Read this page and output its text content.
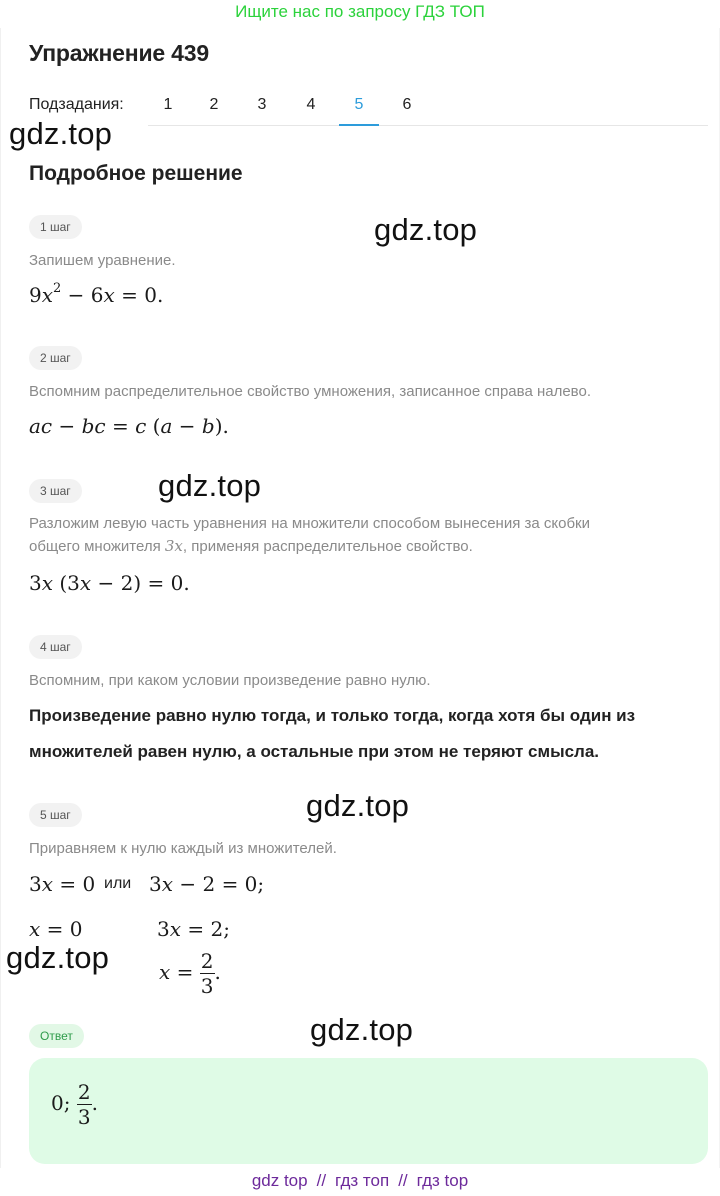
Ищите нас по запросу ГДЗ ТОП
Упражнение 439
Подзадания:	1	2	3	4	5	6
gdz.top
Подробное решение
1 шаг	gdz.top
Запишем уравнение.
$9x^2 - 6x = 0$.
2 шаг
Вспомним распределительное свойство умножения, записанное справа налево.
ac − bc = c (a − b).
3 шаг	gdz.top
Разложим левую часть уравнения на множители способом вынесения за скобки
общего множителя 3x, применяя распределительное свойство.
3x (3x − 2) = 0.
4 шаг
Вспомним, при каком условии произведение равно нулю.
Произведение равно нулю тогда, и только тогда, когда хотя бы один из множителей равен нулю, а остальные при этом не теряют смысла.
5 шаг	gdz.top
Приравняем к нулю каждый из множителей.
3x = 0 или 3x − 2 = 0;
x = 0	3x = 2;
gdz.top $x = \frac{2}{3}$ .
Ответ	gdz.top
0; $\frac{2}{3}$ .
gdz top // гдз топ // гдз top
